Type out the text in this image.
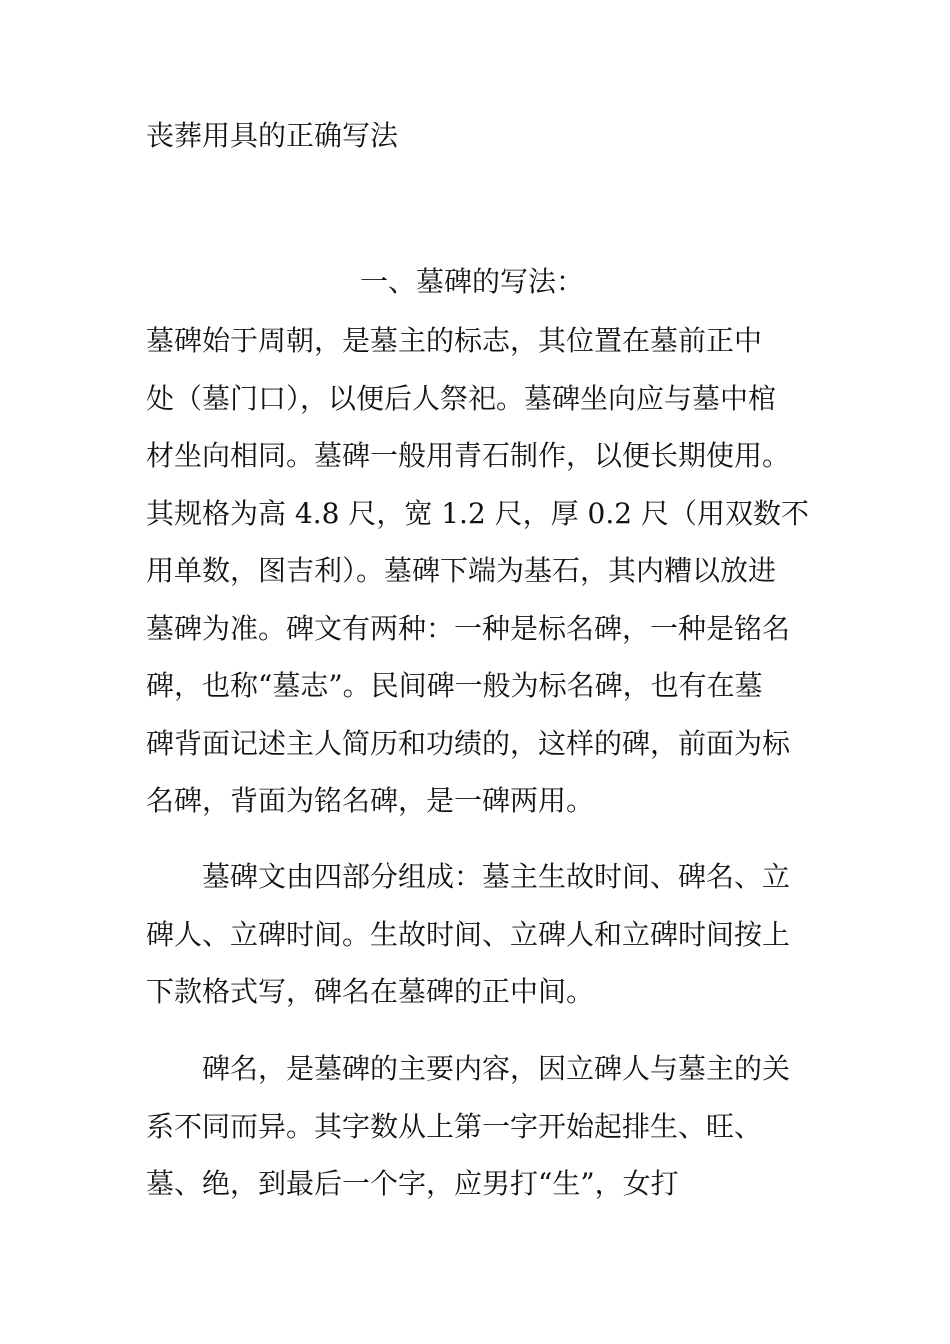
丧葬用具的正确写法
一、墓碑的写法：
墓碑始于周朝，是墓主的标志，其位置在墓前正中
处（墓门口），以便后人祭祀。墓碑坐向应与墓中棺
材坐向相同。墓碑一般用青石制作，以便长期使用。
其规格为高 4.8 尺，宽 1.2 尺，厚 0.2 尺（用双数不
用单数，图吉利）。墓碑下端为基石，其内糟以放进
墓碑为准。碑文有两种：一种是标名碑，一种是铭名
碑，也称“墓志”。民间碑一般为标名碑，也有在墓
碑背面记述主人简历和功绩的，这样的碑，前面为标
名碑，背面为铭名碑，是一碑两用。
　　墓碑文由四部分组成：墓主生故时间、碑名、立
碑人、立碑时间。生故时间、立碑人和立碑时间按上
下款格式写，碑名在墓碑的正中间。
　　碑名，是墓碑的主要内容，因立碑人与墓主的关
系不同而异。其字数从上第一字开始起排生、旺、
墓、绝，到最后一个字，应男打“生”，女打
